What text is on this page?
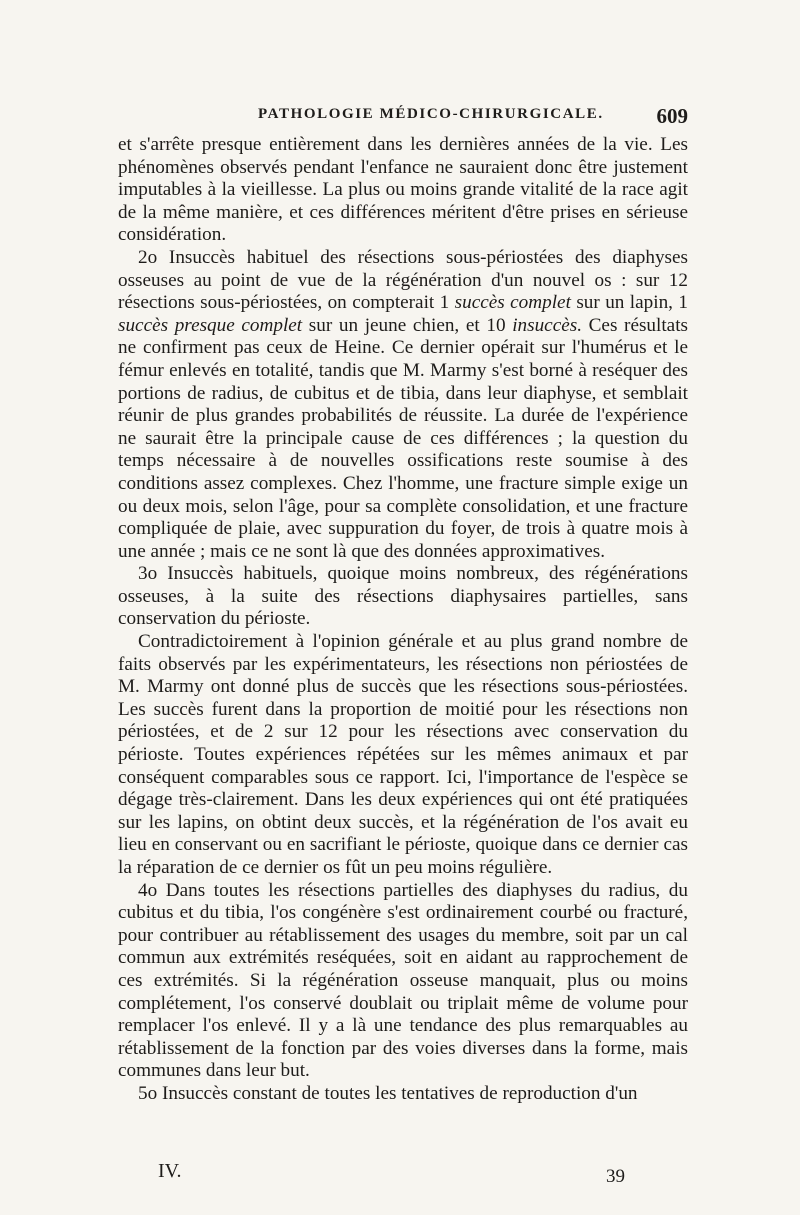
PATHOLOGIE MÉDICO-CHIRURGICALE.	609

et s'arrête presque entièrement dans les dernières années de la vie. Les phénomènes observés pendant l'enfance ne sauraient donc être justement imputables à la vieillesse. La plus ou moins grande vitalité de la race agit de la même manière, et ces différences méritent d'être prises en sérieuse considération.

2o Insuccès habituel des résections sous-périostées des diaphyses osseuses au point de vue de la régénération d'un nouvel os : sur 12 résections sous-périostées, on compterait 1 succès complet sur un lapin, 1 succès presque complet sur un jeune chien, et 10 insuccès. Ces résultats ne confirment pas ceux de Heine. Ce dernier opérait sur l'humérus et le fémur enlevés en totalité, tandis que M. Marmy s'est borné à reséquer des portions de radius, de cubitus et de tibia, dans leur diaphyse, et semblait réunir de plus grandes probabilités de réussite. La durée de l'expérience ne saurait être la principale cause de ces différences ; la question du temps nécessaire à de nouvelles ossifications reste soumise à des conditions assez complexes. Chez l'homme, une fracture simple exige un ou deux mois, selon l'âge, pour sa complète consolidation, et une fracture compliquée de plaie, avec suppuration du foyer, de trois à quatre mois à une année ; mais ce ne sont là que des données approximatives.

3o Insuccès habituels, quoique moins nombreux, des régénérations osseuses, à la suite des résections diaphysaires partielles, sans conservation du périoste.

Contradictoirement à l'opinion générale et au plus grand nombre de faits observés par les expérimentateurs, les résections non périostées de M. Marmy ont donné plus de succès que les résections sous-périostées. Les succès furent dans la proportion de moitié pour les résections non périostées, et de 2 sur 12 pour les résections avec conservation du périoste. Toutes expériences répétées sur les mêmes animaux et par conséquent comparables sous ce rapport. Ici, l'importance de l'espèce se dégage très-clairement. Dans les deux expériences qui ont été pratiquées sur les lapins, on obtint deux succès, et la régénération de l'os avait eu lieu en conservant ou en sacrifiant le périoste, quoique dans ce dernier cas la réparation de ce dernier os fût un peu moins régulière.

4o Dans toutes les résections partielles des diaphyses du radius, du cubitus et du tibia, l'os congénère s'est ordinairement courbé ou fracturé, pour contribuer au rétablissement des usages du membre, soit par un cal commun aux extrémités reséquées, soit en aidant au rapprochement de ces extrémités. Si la régénération osseuse manquait, plus ou moins complétement, l'os conservé doublait ou triplait même de volume pour remplacer l'os enlevé. Il y a là une tendance des plus remarquables au rétablissement de la fonction par des voies diverses dans la forme, mais communes dans leur but.

5o Insuccès constant de toutes les tentatives de reproduction d'un

IV.	39
